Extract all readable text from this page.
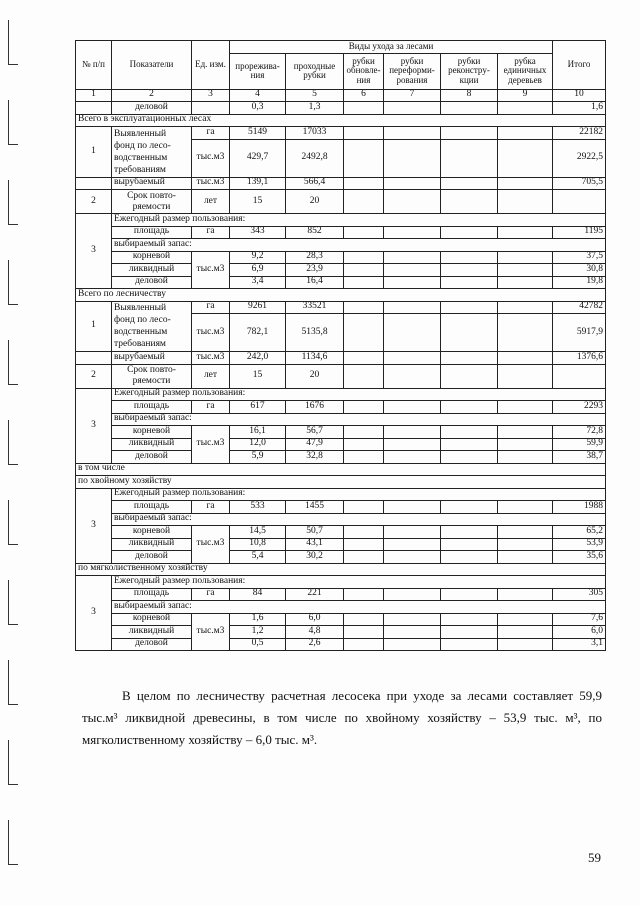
№ п/п	Показатели	Ед. изм.	Виды ухода за лесами						Итого
			прорежива-ния	проходные рубки	рубки обновле-ния	рубки переформи-рования	рубки реконстру-кции	рубка единичных деревьев	
1	2	3	4	5	6	7	8	9	10
	деловой		0,3	1,3					1,6
Всего в эксплуатационных лесах									
1	Выявленный фонд по лесо-водственным требованиям	га	5149	17033					22182
		тыс.м3	429,7	2492,8					2922,5
	вырубаемый	тыс.м3	139,1	566,4					705,5
2	Срок повто-ряемости	лет	15	20					
3	Ежегодный размер пользования:								
	площадь	га	343	852					1195
	выбираемый запас:								
	корневой	тыс.м3	9,2	28,3					37,5
	ликвидный		6,9	23,9					30,8
	деловой		3,4	16,4					19,8
Всего по лесничеству									
1	Выявленный фонд по лесо-водственным требованиям	га	9261	33521					42782
		тыс.м3	782,1	5135,8					5917,9
	вырубаемый	тыс.м3	242,0	1134,6					1376,6
2	Срок повто-ряемости	лет	15	20					
3	Ежегодный размер пользования:								
	площадь	га	617	1676					2293
	выбираемый запас:								
	корневой	тыс.м3	16,1	56,7					72,8
	ликвидный		12,0	47,9					59,9
	деловой		5,9	32,8					38,7
в том числе									
по хвойному хозяйству									
3	Ежегодный размер пользования:								
	площадь	га	533	1455					1988
	выбираемый запас:								
	корневой	тыс.м3	14,5	50,7					65,2
	ликвидный		10,8	43,1					53,9
	деловой		5,4	30,2					35,6
по мягколиственному хозяйству									
3	Ежегодный размер пользования:								
	площадь	га	84	221					305
	выбираемый запас:								
	корневой	тыс.м3	1,6	6,0					7,6
	ликвидный		1,2	4,8					6,0
	деловой		0,5	2,6					3,1

В целом по лесничеству расчетная лесосека при уходе за лесами составляет 59,9 тыс.м³ ликвидной древесины, в том числе по хвойному хозяйству – 53,9 тыс. м³, по мягколиственному хозяйству – 6,0 тыс. м³.

59
